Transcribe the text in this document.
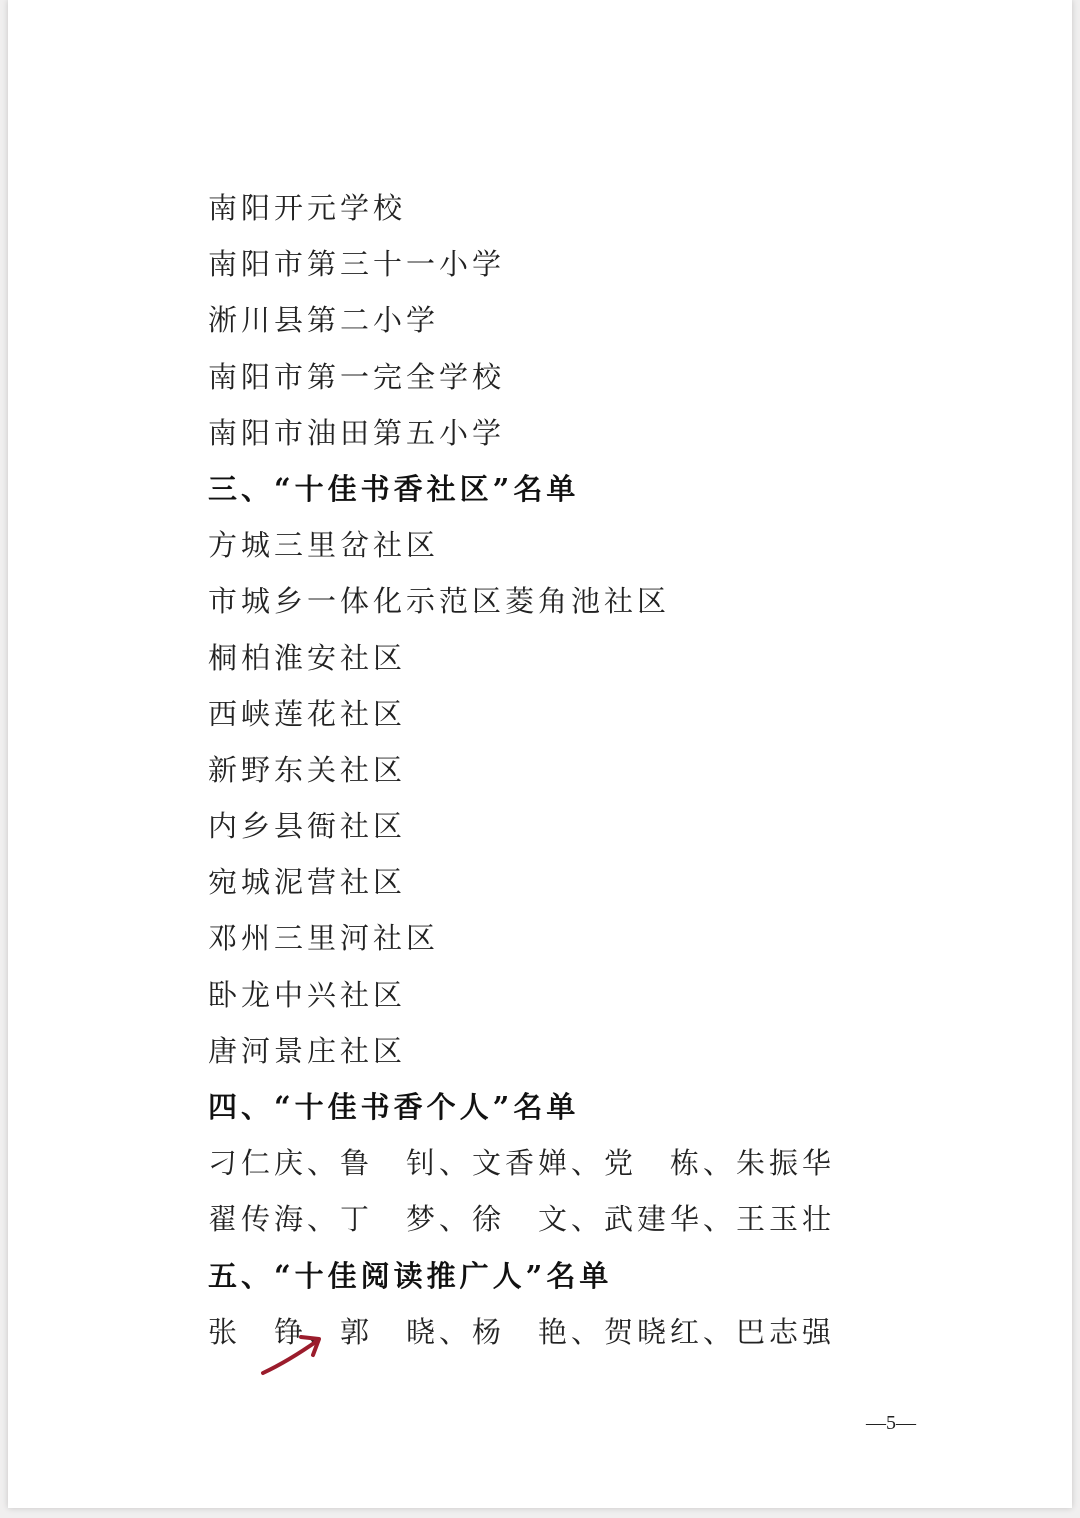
南阳开元学校
南阳市第三十一小学
淅川县第二小学
南阳市第一完全学校
南阳市油田第五小学
三、“十佳书香社区”名单
方城三里岔社区
市城乡一体化示范区菱角池社区
桐柏淮安社区
西峡莲花社区
新野东关社区
内乡县衙社区
宛城泥营社区
邓州三里河社区
卧龙中兴社区
唐河景庄社区
四、“十佳书香个人”名单
刁仁庆、鲁　钊、文香婵、党　栋、朱振华
翟传海、丁　梦、徐　文、武建华、王玉壮
五、“十佳阅读推广人”名单
张　铮、郭　晓、杨　艳、贺晓红、巴志强
—5—
